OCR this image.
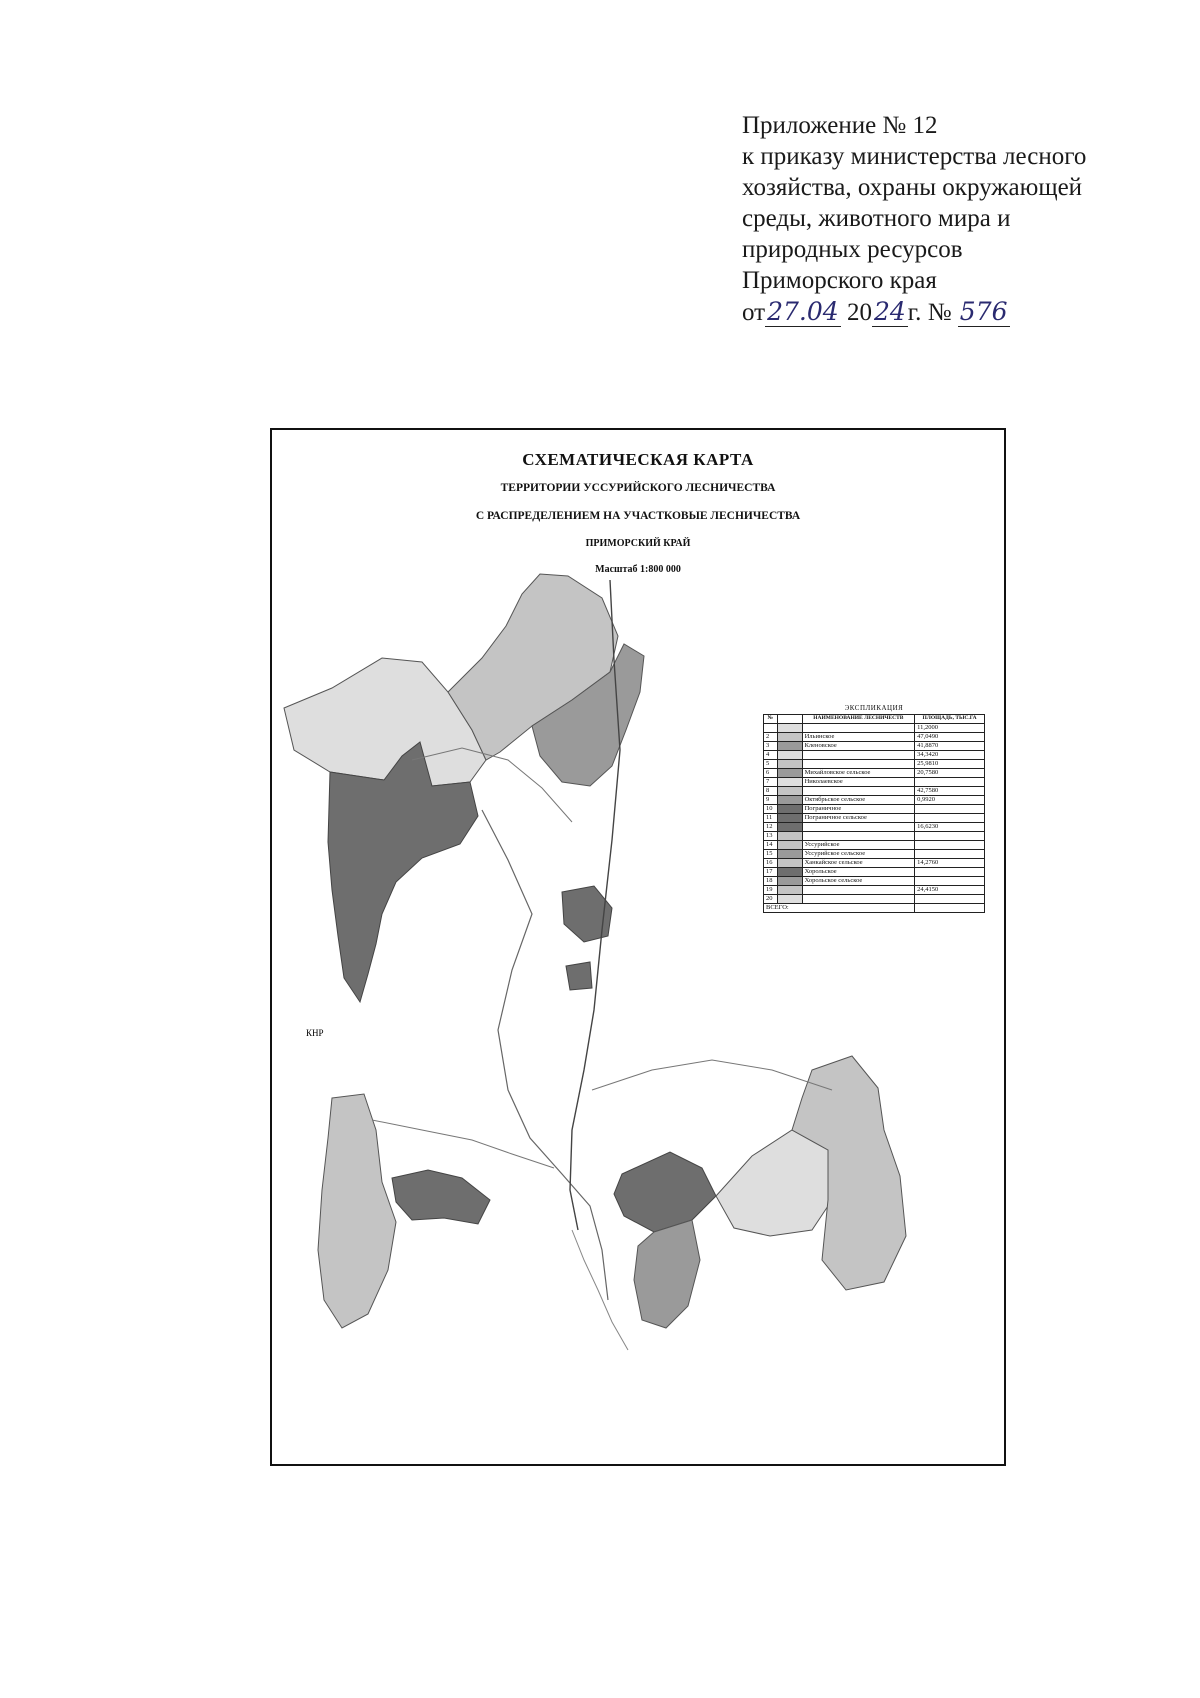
Приложение № 12
к приказу министерства лесного
хозяйства, охраны окружающей
среды, животного мира и
природных ресурсов
Приморского края
от27.04 2024г. № 576
КНР
СХЕМАТИЧЕСКАЯ КАРТА
ТЕРРИТОРИИ УССУРИЙСКОГО ЛЕСНИЧЕСТВА
С РАСПРЕДЕЛЕНИЕМ НА УЧАСТКОВЫЕ ЛЕСНИЧЕСТВА
ПРИМОРСКИЙ КРАЙ
Масштаб 1:800 000
ЭКСПЛИКАЦИЯ
№		НАИМЕНОВАНИЕ ЛЕСНИЧЕСТВ	ПЛОЩАДЬ, ТЫС.ГА
			11,2000
2		Ильинское	47,0490
3		Кленовское	41,8870
4			34,3420
5			25,9810
6		Михайловское сельское	20,7580
7		Николаевское	
8			42,7580
9		Октябрьское сельское	0,9920
10		Пограничное	
11		Пограничное сельское	
12			16,6230
13			
14		Уссурийское	
15		Уссурийское сельское	
16		Ханкайское сельское	14,2760
17		Хорольское	
18		Хорольское сельское	
19			24,4150
20			
ВСЕГО:			
